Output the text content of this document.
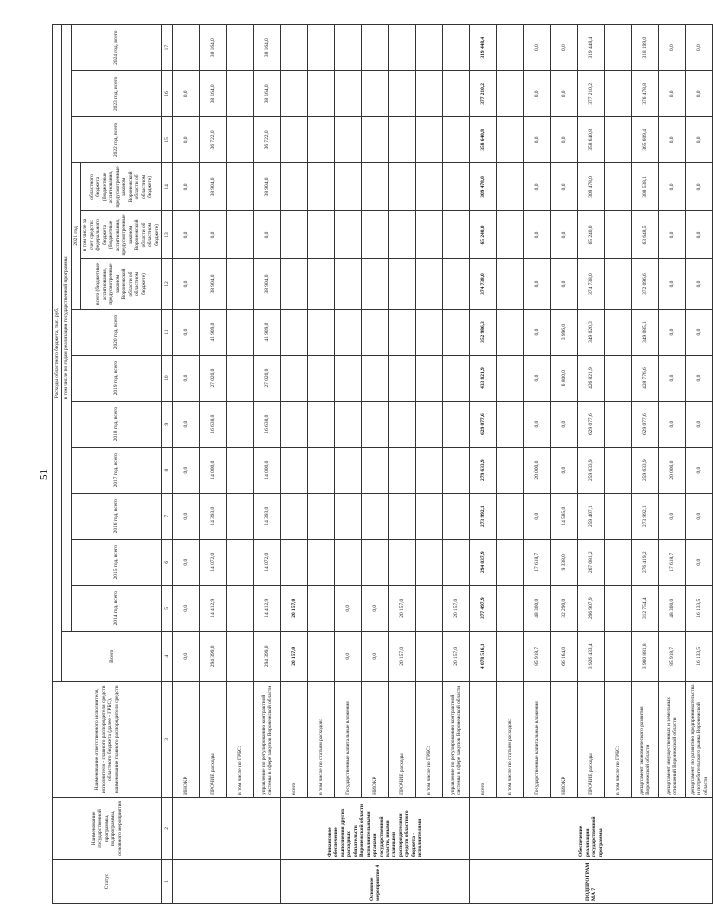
51
Статус	Наименование государственной программы, подпрограммы, основного мероприятия	Наименование ответственного исполнителя, исполнителя - главного распорядителя средств областного бюджета (далее - ГРБС), наименование главного распорядителя средств	Расходы областного бюджета, тыс. руб.													
			Всего	в том числе по годам реализации государственной программы												
				2014 год, всего	2015 год, всего	2016 год, всего	2017 год, всего	2018 год, всего	2019 год, всего	2020 год, всего	2021 год			2022 год, всего	2023 год, всего	2024 год, всего
											всего (бюджетные ассигнования, предусмотренные законом Воронежской области об областном бюджете)	в том числе за счет средств: федерального бюджета (бюджетные ассигнования, предусмотренные законом Воронежской области об областном бюджете)	областного бюджета (бюджетные ассигнования, предусмотренные законом Воронежской области об областном бюджете)			
1	2	3	4	5	6	7	8	9	10	11	12	13	14	15	16	17
		ИНОКР	0,0	0,0	0,0	0,0	0,0	0,0	0,0	0,0	0,0	0,0	0,0	0,0	0,0	
		ПРОЧИЕ расходы	294 399,0	14 412,9	14 072,0	14 393,0	14 000,0	16 638,0	27 020,0	41 909,0	38 904,0	0,0	38 904,0	36 722,0	38 164,0	38 164,0
		в том числе по ГРБС:														
		управление по регулированию контрактной системы в сфере закупок Воронежской области	294 399,0	14 412,9	14 072,0	14 393,0	14 000,0	16 638,0	27 020,0	41 909,0	38 904,0	0,0	38 904,0	36 722,0	38 164,0	38 164,0
Основное мероприятие 4	Финансовое обеспечение выполнения других расходных обязательств Воронежской области исполнительными органами государственной власти, иными главными распорядителями средств областного бюджета - исполнителями	всего	20 157,0	20 157,0												
		в том числе по статьям расходов:														
		Государственные капитальные вложения	0,0	0,0												
		НИОКР	0,0	0,0												
		ПРОЧИЕ расходы	20 157,0	20 157,0												
		в том числе по ГРБС:														
		управление по регулированию контрактной системы в сфере закупок Воронежской области	20 157,0	20 157,0												
ПОДПРОГРАММА 7	Обеспечение реализации государственной программы	всего	4 078 516,1	377 497,9	294 037,9	273 992,1	279 633,9	629 077,6	433 821,9	352 986,3	374 738,0	65 240,0	309 478,0	358 640,8	377 210,2	319 448,4
		в том числе по статьям расходов:														
		Государственные капитальные вложения	85 918,7	48 300,0	17 618,7	0,0	20 000,0	0,0	0,0	0,0	0,0	0,0	0,0	0,0	0,0	0,0
		НИОКР	66 164,0	32 290,0	9 338,0	14 585,0	0,0	0,0	6 800,0	3 996,0	0,0	0,0	0,0	0,0	0,0	0,0
		ПРОЧИЕ расходы	3 926 433,4	296 907,9	267 081,2	259 407,1	259 633,9	629 077,6	426 821,9	349 020,3	374 738,0	65 240,0	309 478,0	358 640,8	377 210,2	319 448,4
		в том числе по ГРБС:														
		департамент экономического развития Воронежской области	3 960 881,8	312 754,4	276 419,2	273 992,1	259 633,9	629 077,6	428 776,6	349 085,1	372 096,6	63 648,5	308 538,1	365 609,4	376 478,8	318 199,0
		департамент имущественных и земельных отношений Воронежской области	85 918,7	48 300,0	17 618,7	0,0	20 000,0	0,0	0,0	0,0	0,0	0,0	0,0	0,0	0,0	0,0
		департамент по развитию предпринимательства и потребительского рынка Воронежской области	16 133,5	16 133,5	0,0	0,0	0,0	0,0	0,0	0,0	0,0	0,0	0,0	0,0	0,0	0,0
